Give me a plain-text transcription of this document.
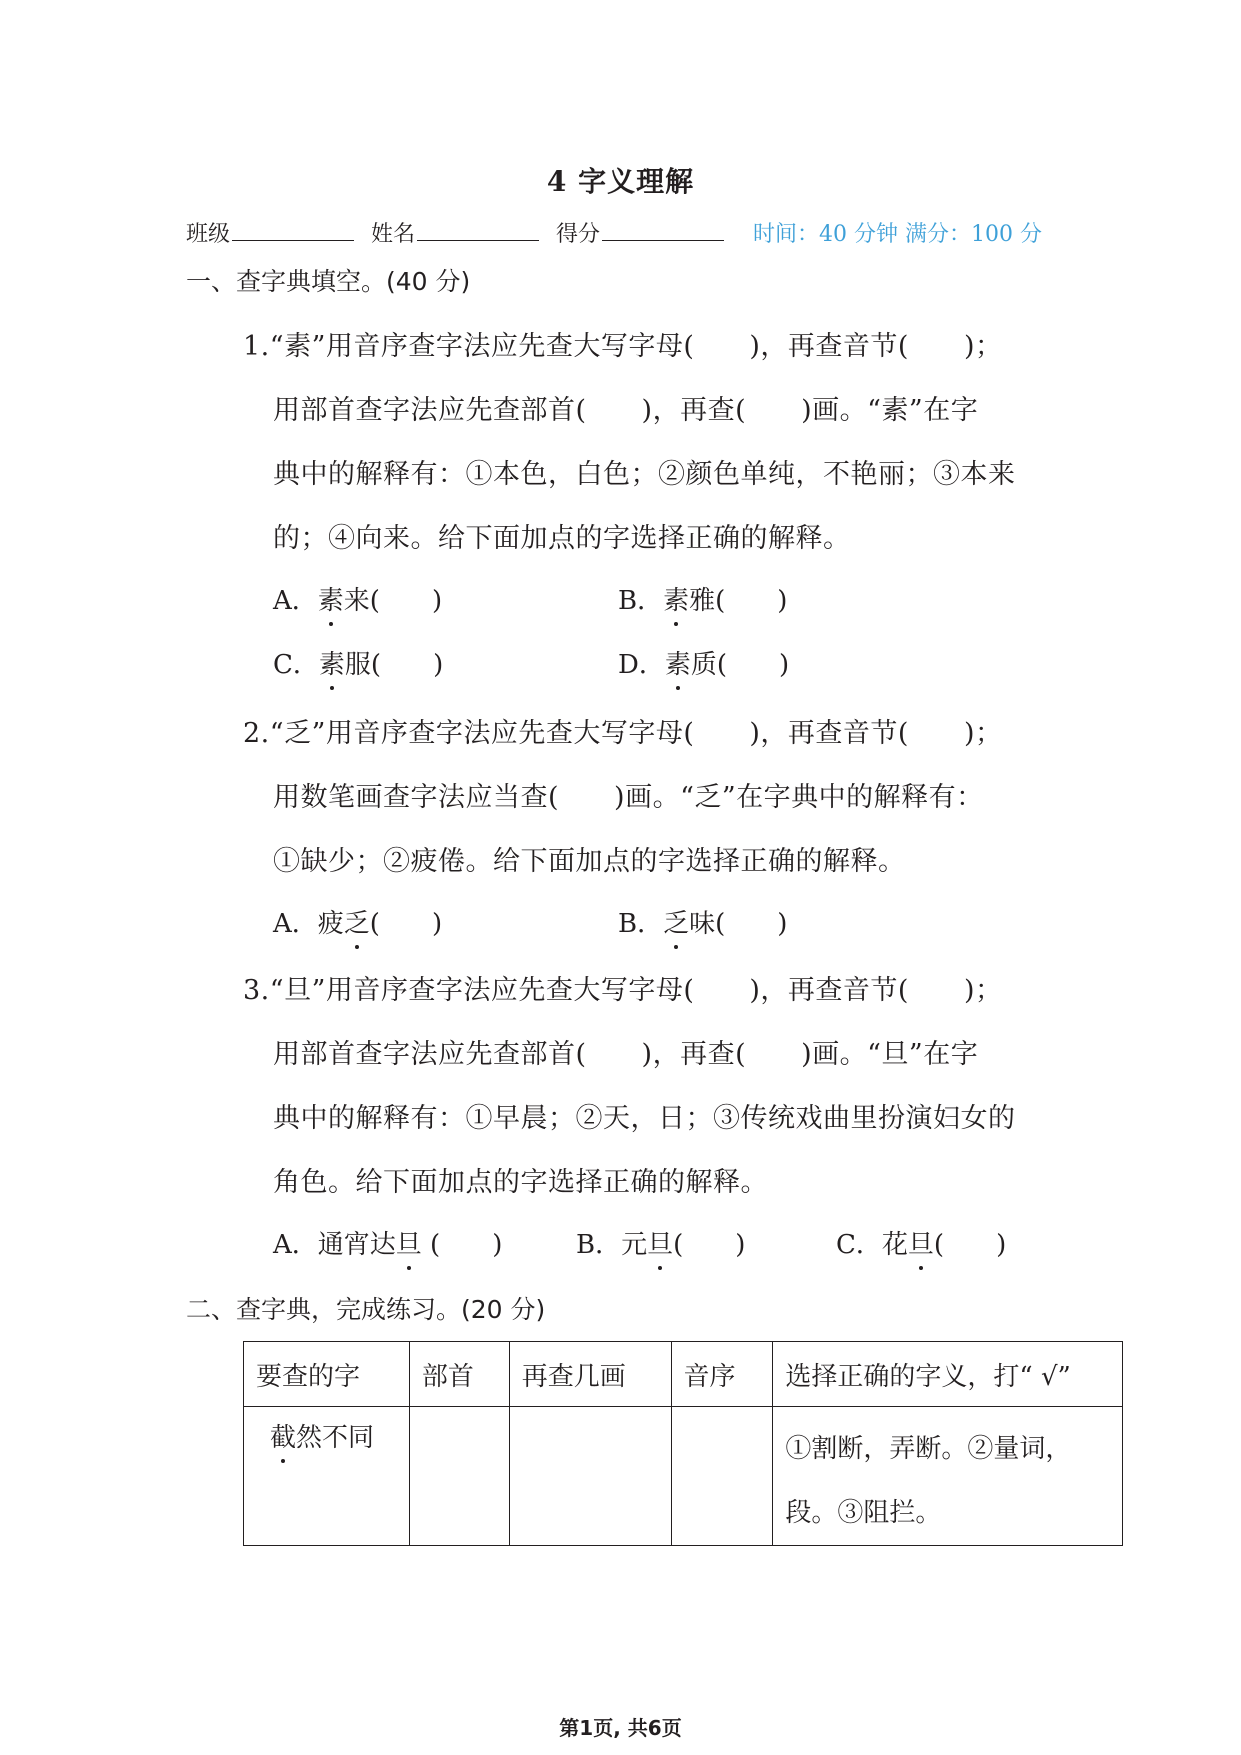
4 字义理解
班级	姓名	得分	时间：40 分钟 满分：100 分
一、查字典填空。(40 分)
1.“素”用音序查字法应先查大写字母(　　)，再查音节(　　)；
用部首查字法应先查部首(　　)，再查(　　)画。“素”在字
典中的解释有：①本色，白色；②颜色单纯，不艳丽；③本来
的；④向来。给下面加点的字选择正确的解释。
A．素来(　　)	B．素雅(　　)
C．素服(　　)	D．素质(　　)
2.“乏”用音序查字法应先查大写字母(　　)，再查音节(　　)；
用数笔画查字法应当查(　　)画。“乏”在字典中的解释有：
①缺少；②疲倦。给下面加点的字选择正确的解释。
A．疲乏(　　)	B．乏味(　　)
3.“旦”用音序查字法应先查大写字母(　　)，再查音节(　　)；
用部首查字法应先查部首(　　)，再查(　　)画。“旦”在字
典中的解释有：①早晨；②天，日；③传统戏曲里扮演妇女的
角色。给下面加点的字选择正确的解释。
A．通宵达旦 (　　)	B．元旦(　　)	C．花旦(　　)
二、查字典，完成练习。(20 分)
要查的字	部首	再查几画	音序	选择正确的字义，打“ √”
截然不同				①割断，弄断。②量词，
段。③阻拦。
第1页, 共6页
